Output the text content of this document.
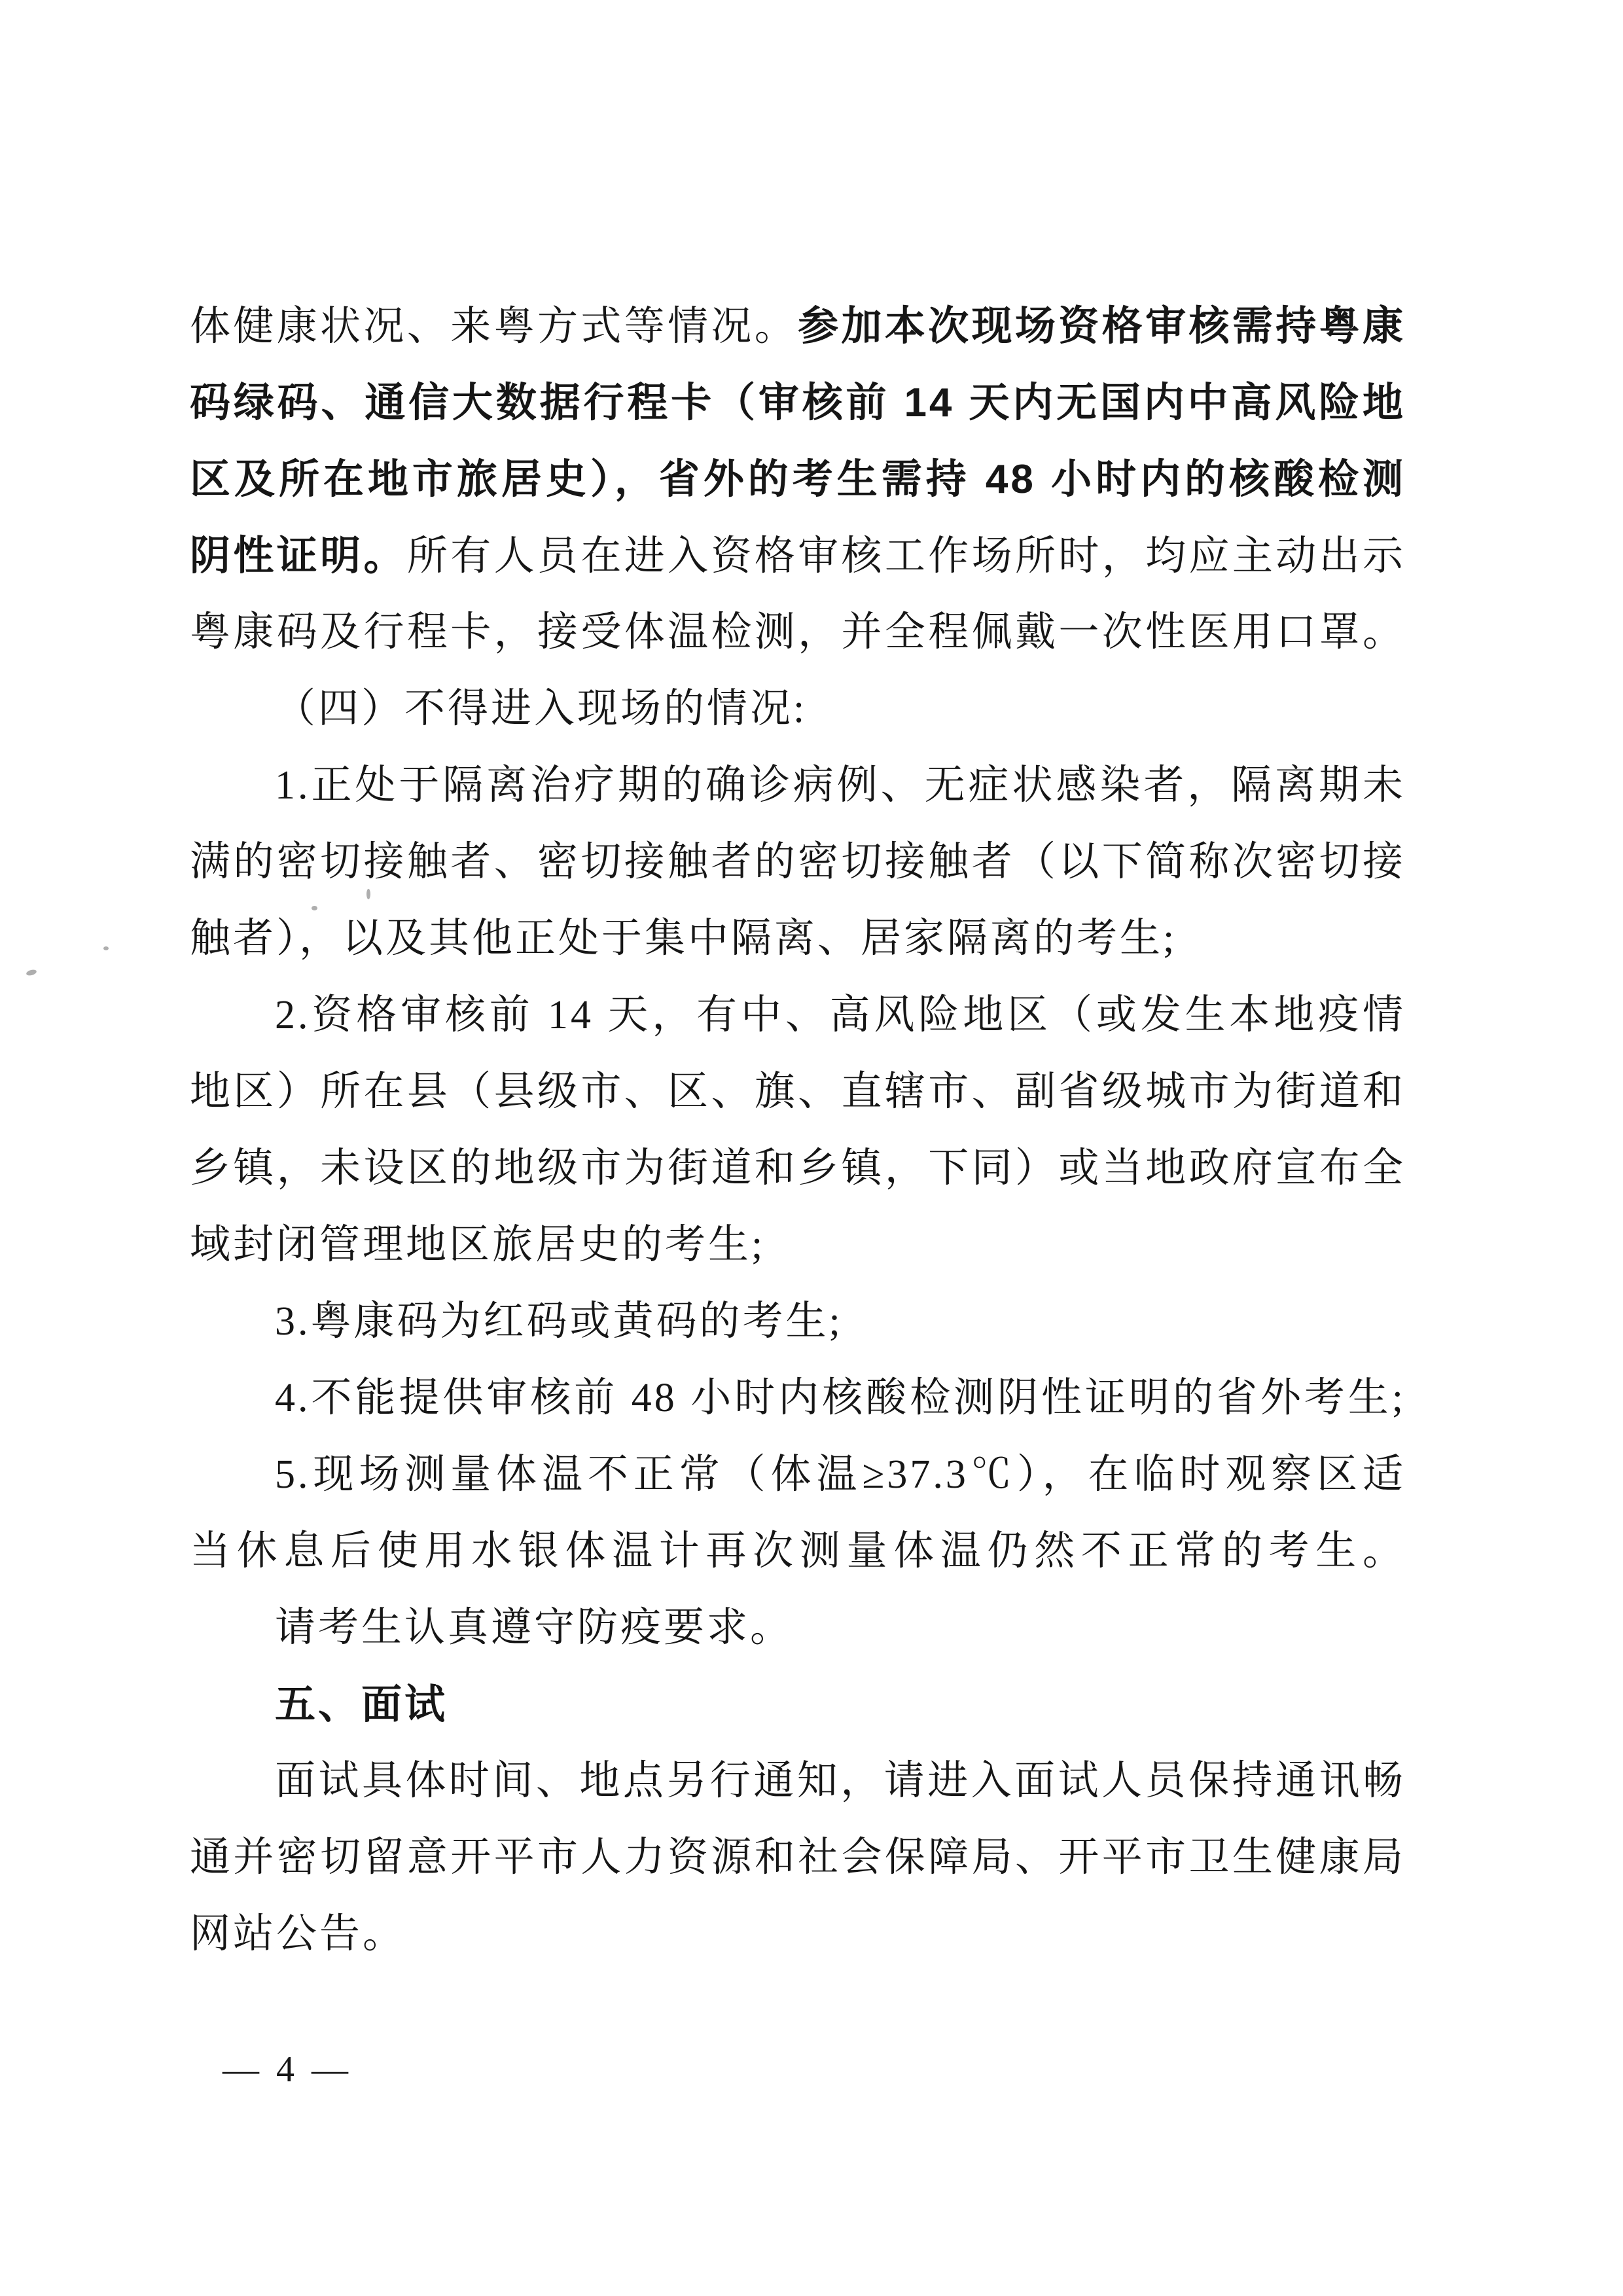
体健康状况、来粤方式等情况。参加本次现场资格审核需持粤康
码绿码、通信大数据行程卡（审核前 14 天内无国内中高风险地
区及所在地市旅居史），省外的考生需持 48 小时内的核酸检测
阴性证明。所有人员在进入资格审核工作场所时，均应主动出示
粤康码及行程卡，接受体温检测，并全程佩戴一次性医用口罩。
（四）不得进入现场的情况:
1.正处于隔离治疗期的确诊病例、无症状感染者，隔离期未
满的密切接触者、密切接触者的密切接触者（以下简称次密切接
触者），以及其他正处于集中隔离、居家隔离的考生;
2.资格审核前 14 天，有中、高风险地区（或发生本地疫情
地区）所在县（县级市、区、旗、直辖市、副省级城市为街道和
乡镇，未设区的地级市为街道和乡镇，下同）或当地政府宣布全
域封闭管理地区旅居史的考生;
3.粤康码为红码或黄码的考生;
4.不能提供审核前 48 小时内核酸检测阴性证明的省外考生;
5.现场测量体温不正常（体温≥37.3℃），在临时观察区适
当休息后使用水银体温计再次测量体温仍然不正常的考生。
请考生认真遵守防疫要求。
五、面试
面试具体时间、地点另行通知，请进入面试人员保持通讯畅
通并密切留意开平市人力资源和社会保障局、开平市卫生健康局
网站公告。
— 4 —
